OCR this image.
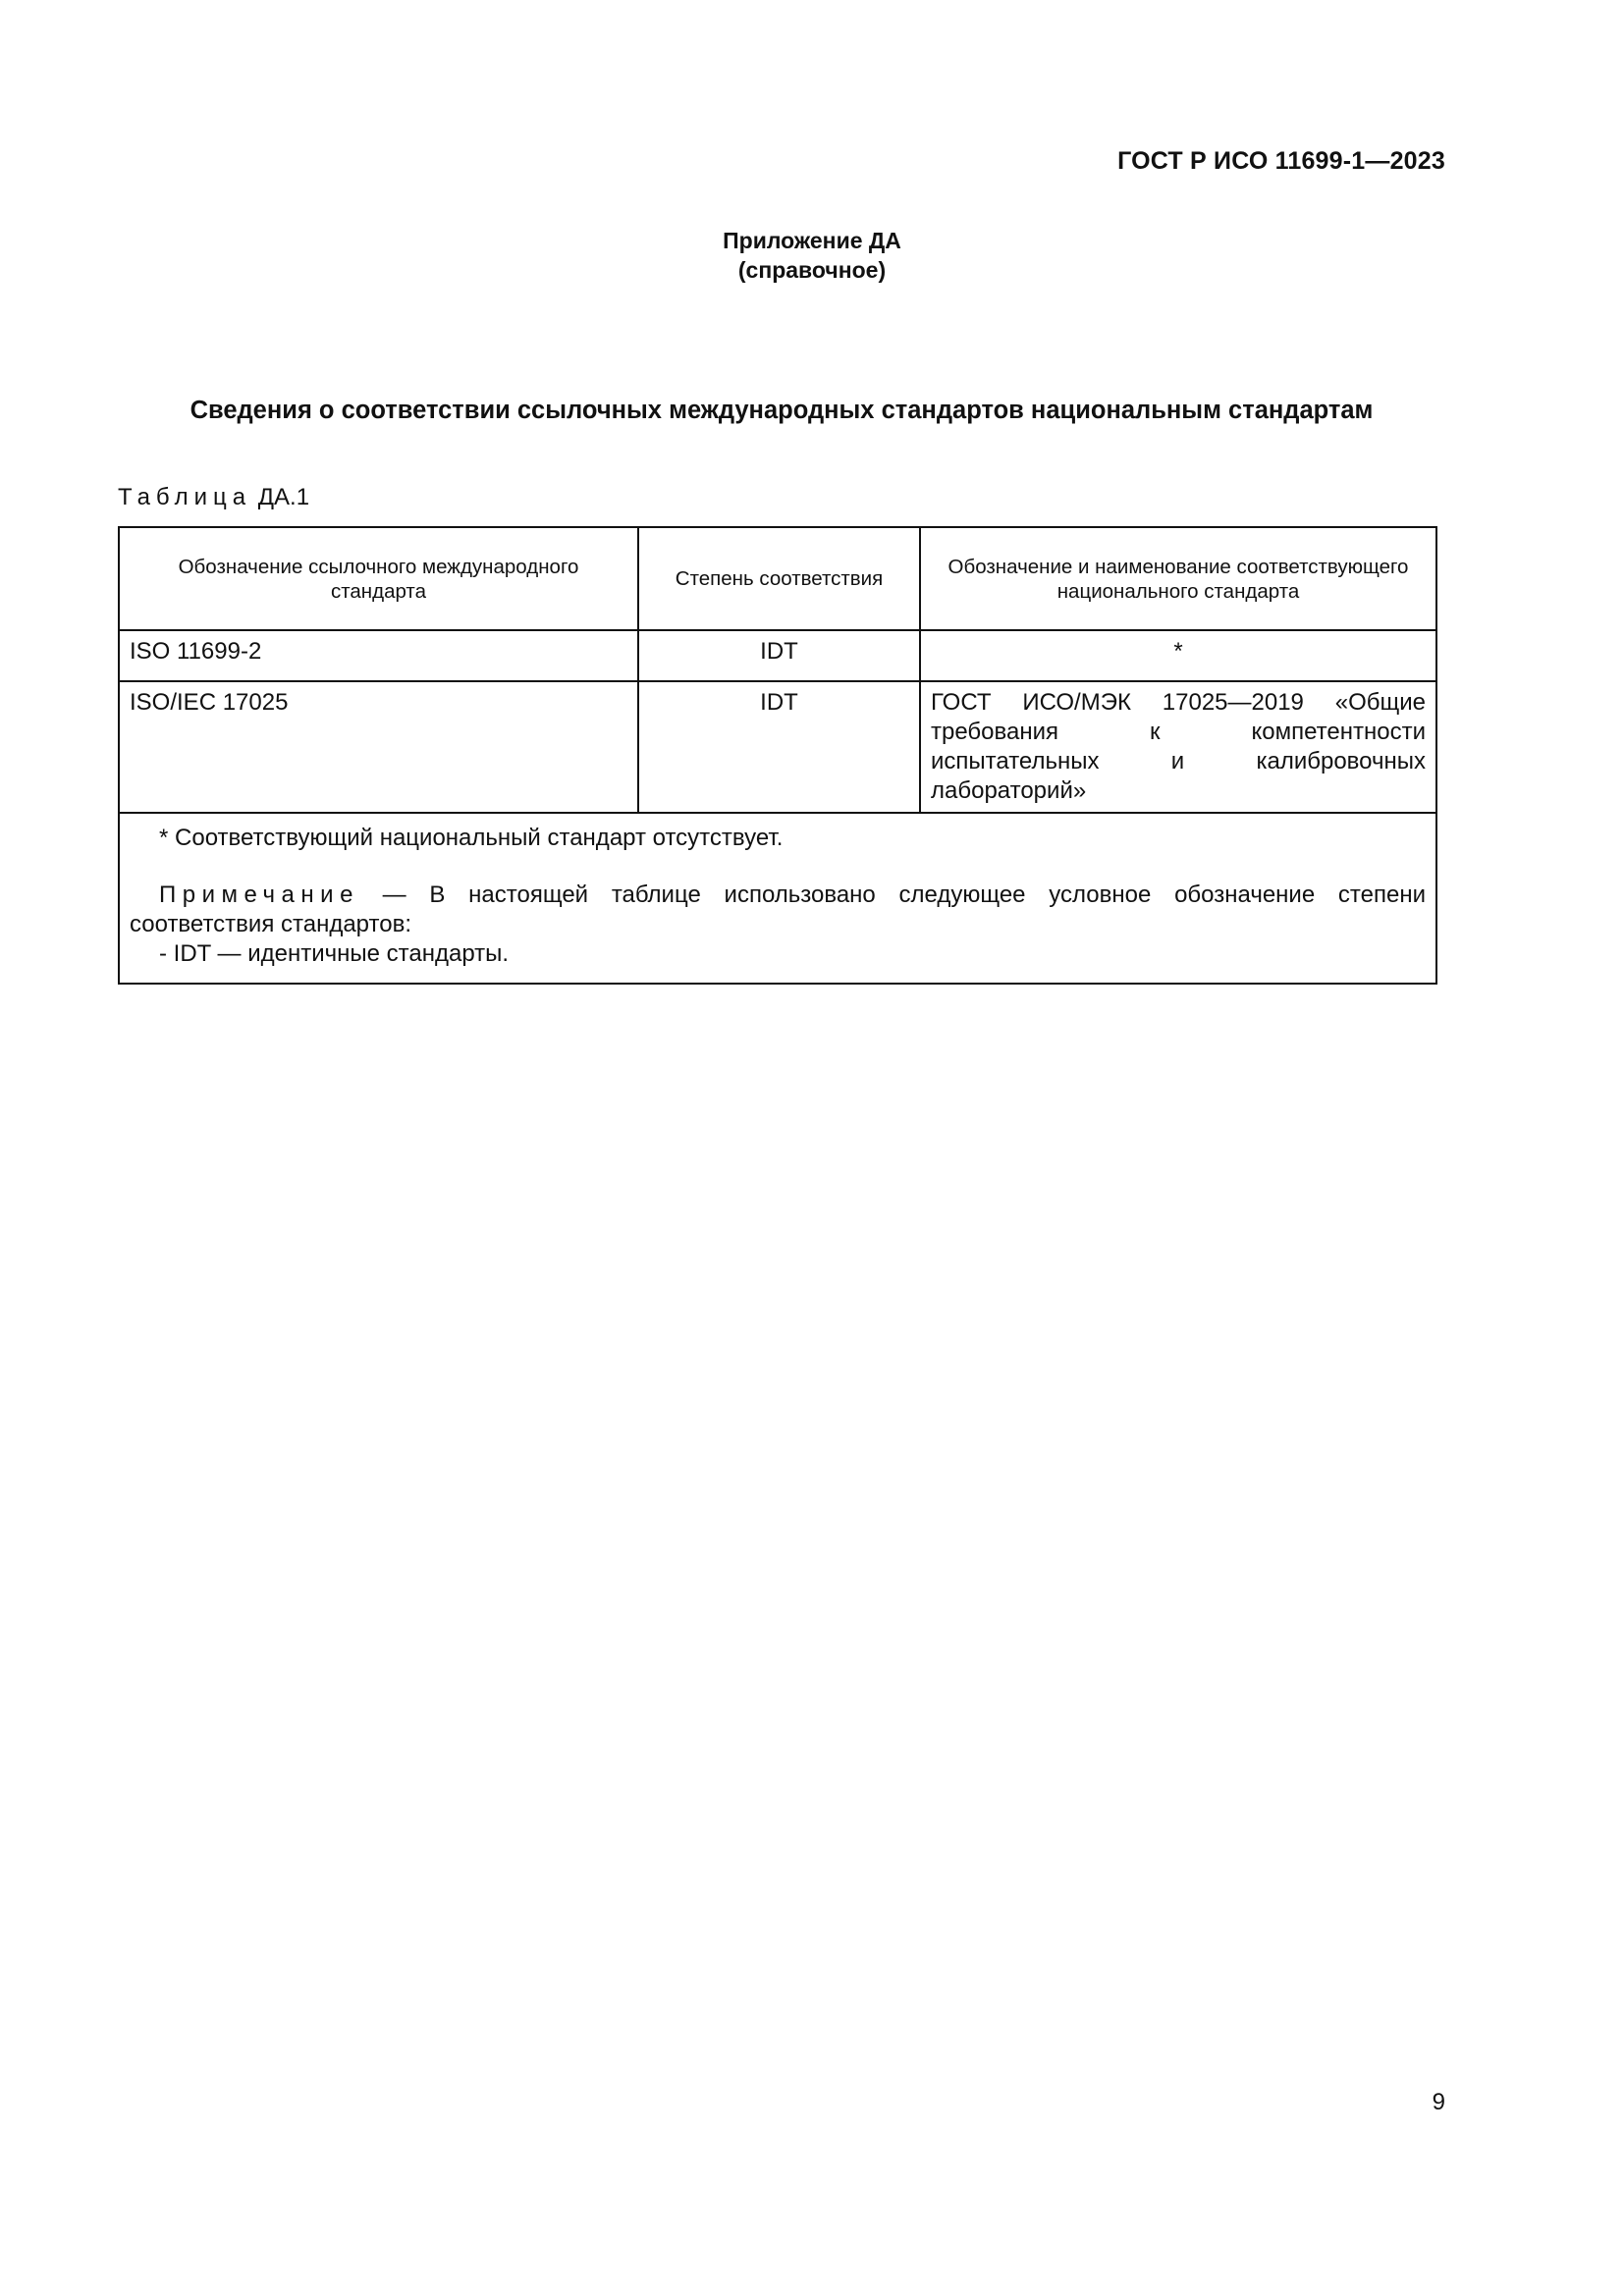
ГОСТ Р ИСО 11699-1—2023
Приложение ДА
(справочное)
Сведения о соответствии ссылочных международных стандартов национальным стандартам
Таблица ДА.1
Обозначение ссылочного международного стандарта	Степень соответствия	Обозначение и наименование соответствующего национального стандарта
ISO 11699-2	IDT	*
ISO/IEC 17025	IDT	ГОСТ ИСО/МЭК 17025—2019 «Общие требования к компетентности испытательных и калибровочных лабораторий»

* Соответствующий национальный стандарт отсутствует.
Примечание — В настоящей таблице использовано следующее условное обозначение степени соответствия стандартов:
- IDT — идентичные стандарты.		
9
